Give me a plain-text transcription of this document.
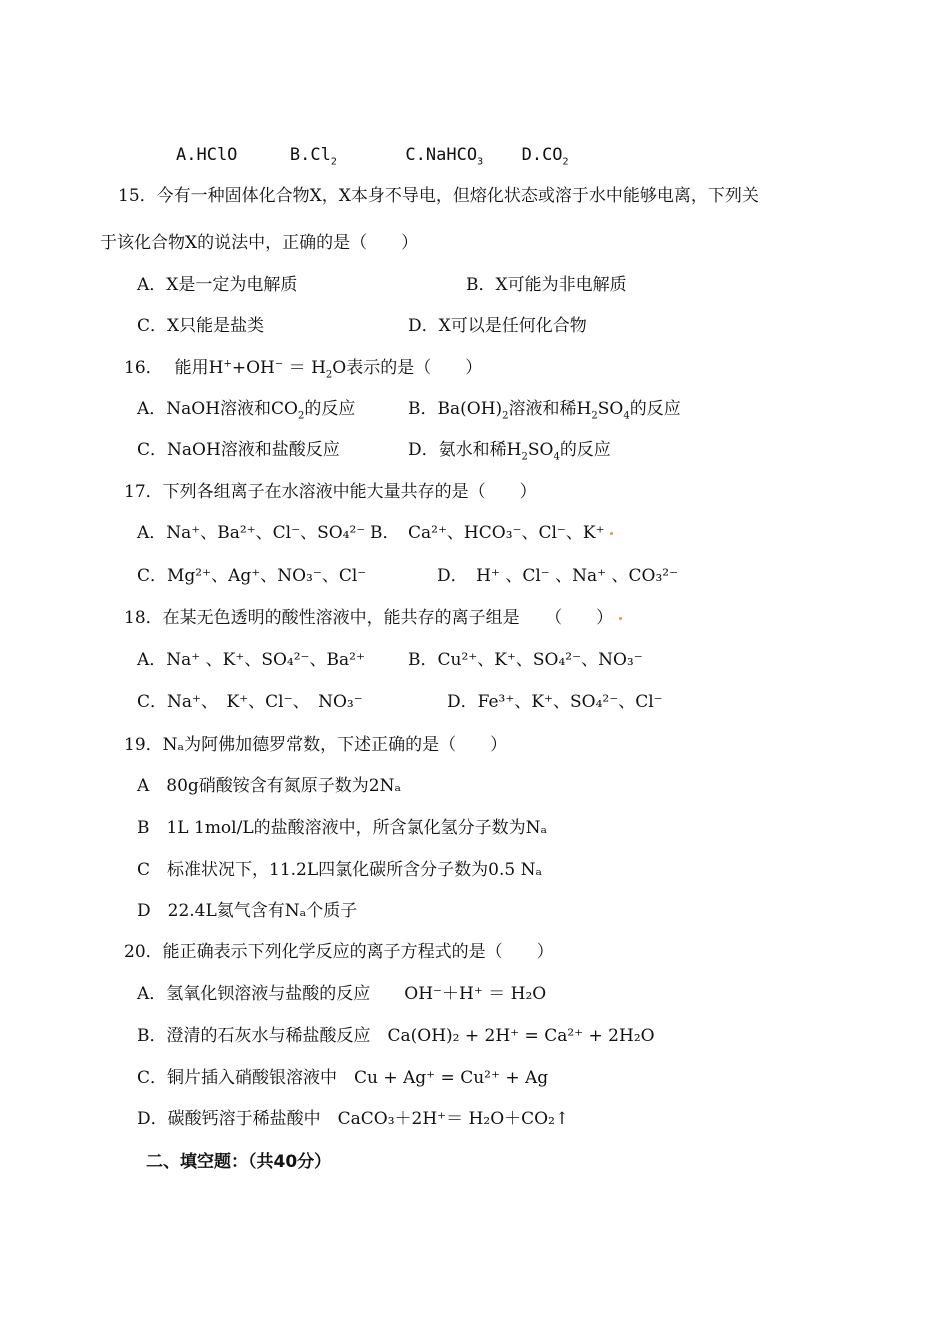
A.HClO	$B.Cl_2$	C.NaHCO$_3$ $D.CO_2$
15．今有一种固体化合物X，X本身不导电，但熔化状态或溶于水中能够电离，下列关
于该化合物X的说法中，正确的是（　　）
A．X是一定为电解质	B．X可能为非电解质
C．X只能是盐类	D．X可以是任何化合物
16． 能用$H^++OH^- = H_2O$表示的是（　　）
A．NaOH溶液和$CO_2$的反应	B．$Ba(OH)_2$溶液和稀$H_2SO_4$的反应
C．NaOH溶液和盐酸反应	D．氨水和稀$H_2SO_4$的反应
17．下列各组离子在水溶液中能大量共存的是（　　）
A．Na⁺、Ba²⁺、Cl⁻、SO₄²⁻ B．　Ca²⁺、HCO₃⁻、Cl⁻、K⁺
C．Mg²⁺、Ag⁺、NO₃⁻、Cl⁻	D．　H⁺ 、Cl⁻ 、Na⁺ 、CO₃²⁻
18．在某无色透明的酸性溶液中，能共存的离子组是　　（　　）
A．Na⁺ 、K⁺、SO₄²⁻、Ba²⁺	B．Cu²⁺、K⁺、SO₄²⁻、NO₃⁻
C．Na⁺、　K⁺、Cl⁻、　NO₃⁻	D．Fe³⁺、K⁺、SO₄²⁻、Cl⁻
19．Nₐ为阿佛加德罗常数，下述正确的是（　　）
A　80g硝酸铵含有氮原子数为2Nₐ
B　1L 1mol/L的盐酸溶液中，所含氯化氢分子数为Nₐ
C　标准状况下，11.2L四氯化碳所含分子数为0.5 Nₐ
D　22.4L氦气含有Nₐ个质子
20．能正确表示下列化学反应的离子方程式的是（　　）
A．氢氧化钡溶液与盐酸的反应　　OH⁻＋H⁺ ＝ H₂O
B．澄清的石灰水与稀盐酸反应　Ca(OH)₂ + 2H⁺ = Ca²⁺ + 2H₂O
C．铜片插入硝酸银溶液中　Cu + Ag⁺ = Cu²⁺ + Ag
D．碳酸钙溶于稀盐酸中　CaCO₃＋2H⁺＝ H₂O＋CO₂↑
二、填空题：（共40分）
